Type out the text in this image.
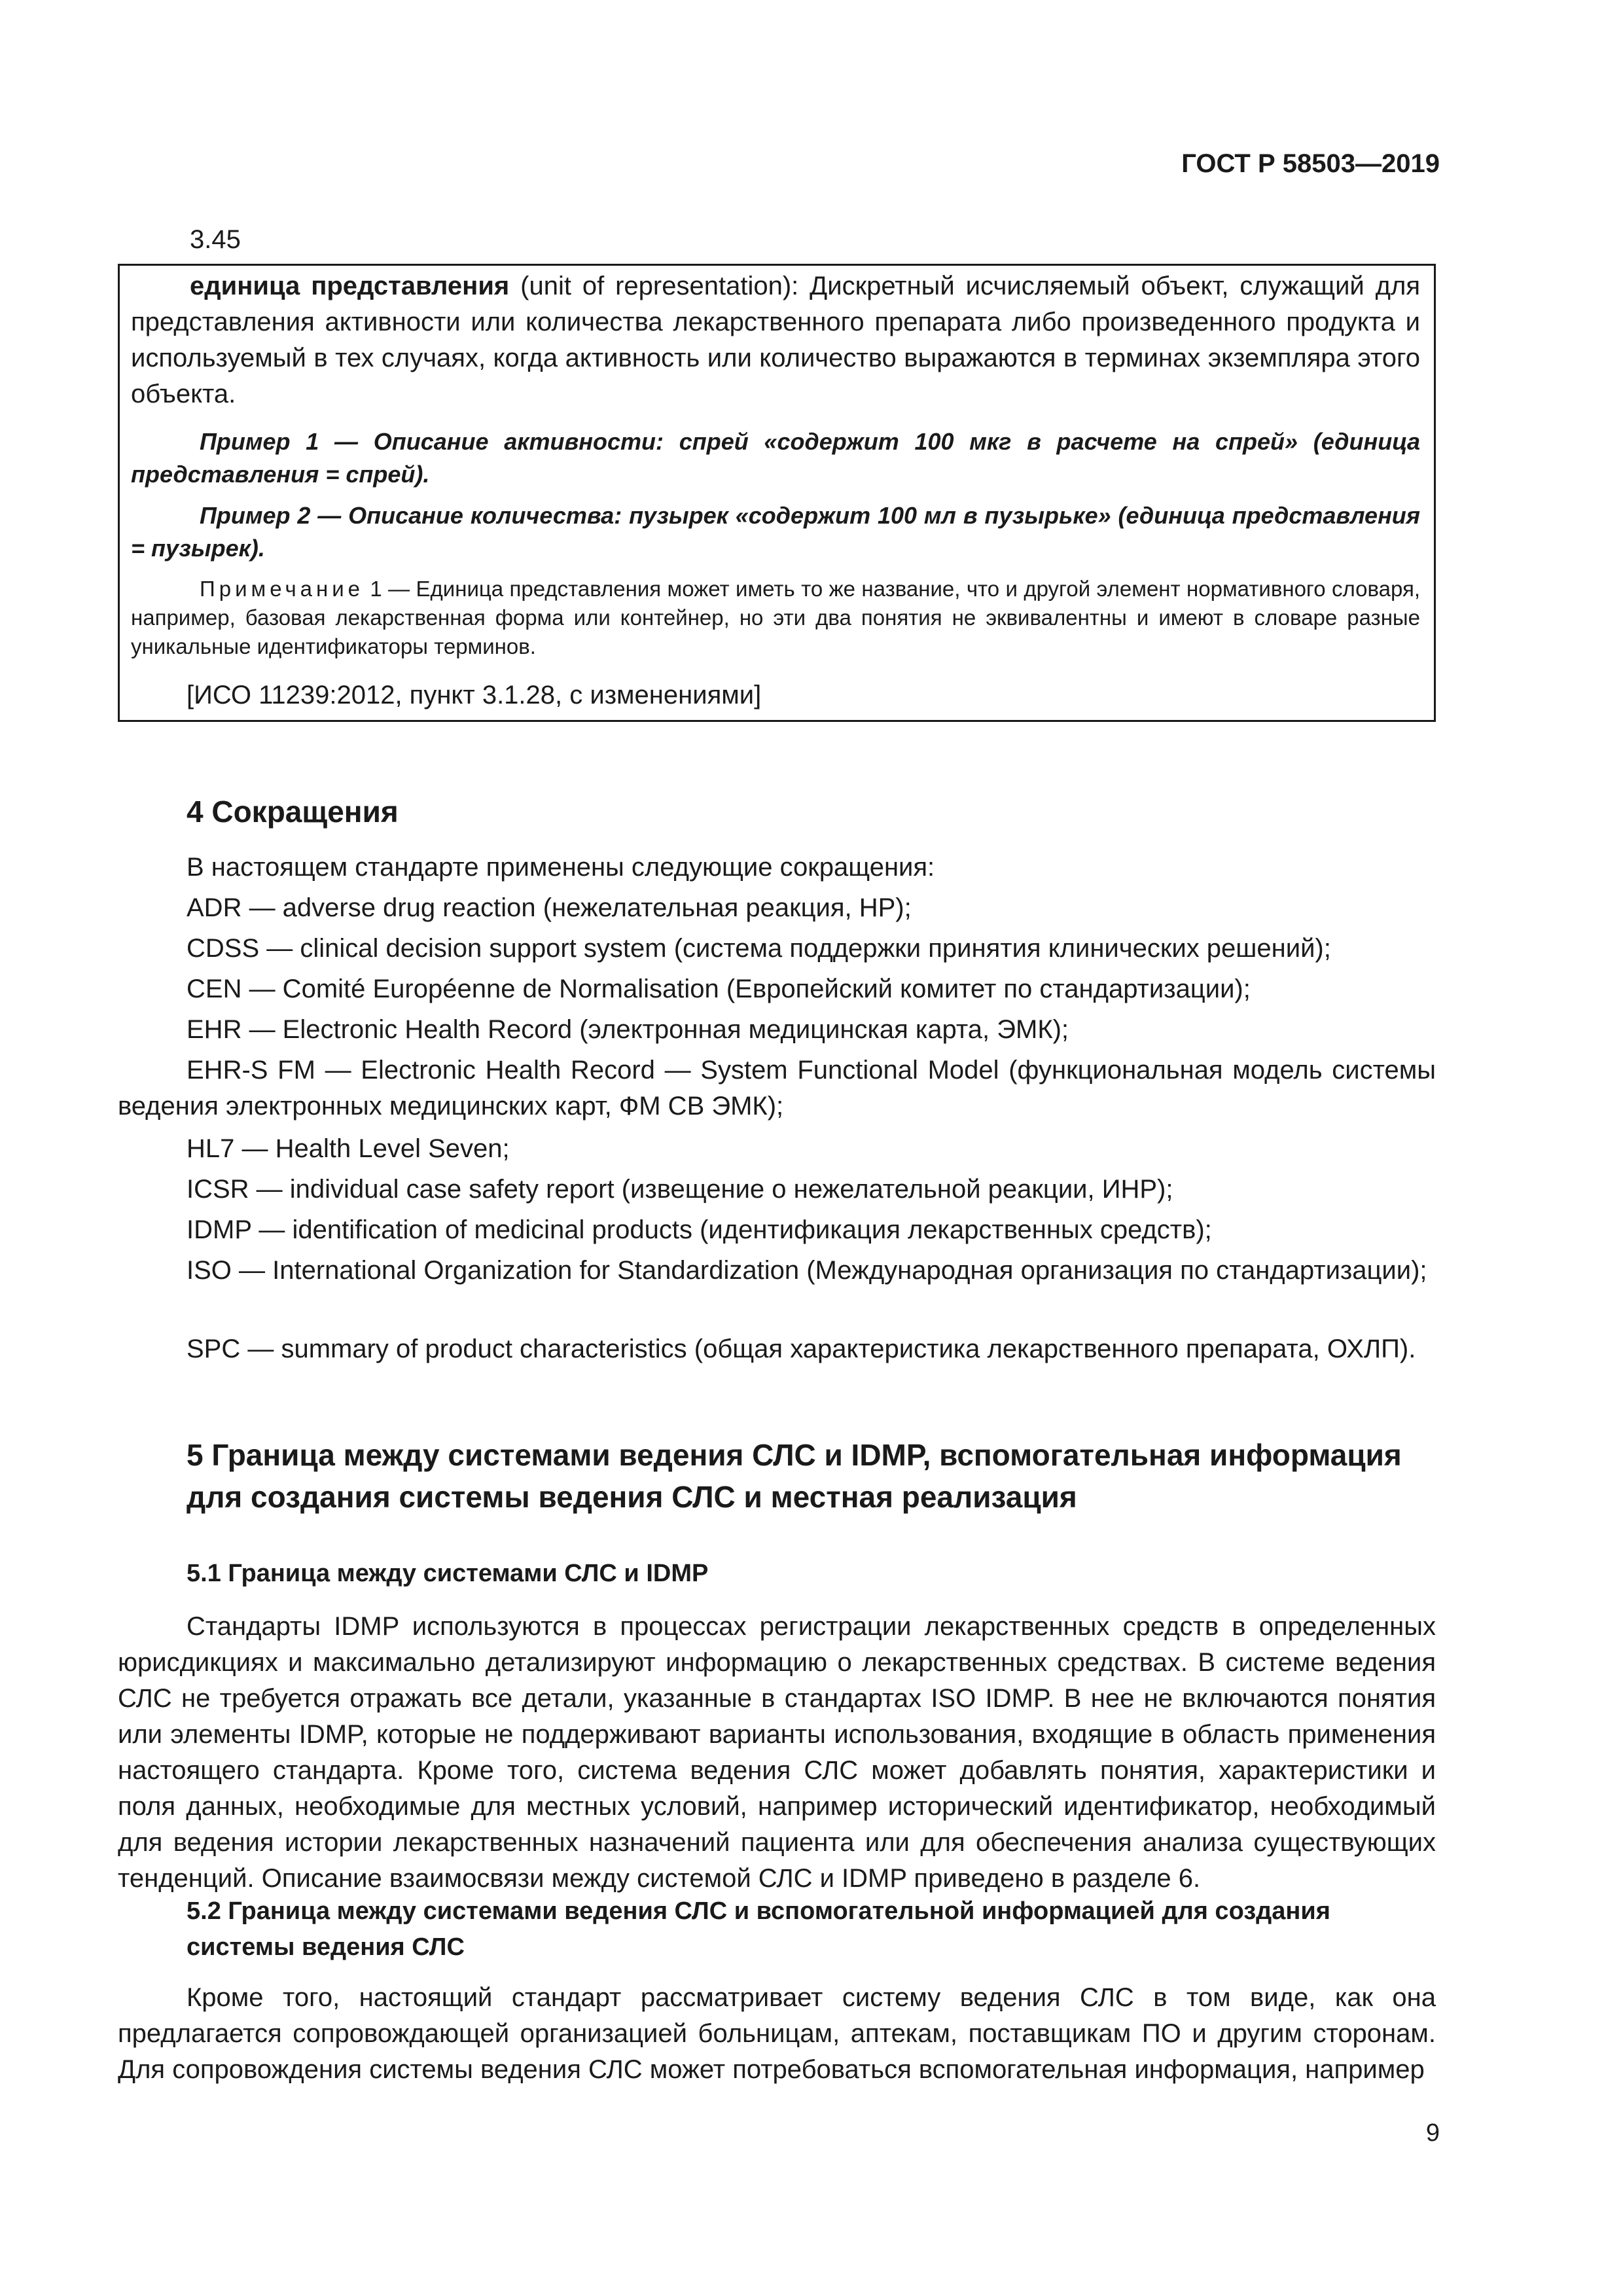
ГОСТ Р 58503—2019
3.45

единица представления (unit of representation): Дискретный исчисляемый объект, служащий для представления активности или количества лекарственного препарата либо произведенного продукта и используемый в тех случаях, когда активность или количество выражаются в терминах экземпляра этого объекта.

Пример 1 — Описание активности: спрей «содержит 100 мкг в расчете на спрей» (единица представления = спрей).

Пример 2 — Описание количества: пузырек «содержит 100 мл в пузырьке» (единица представления = пузырек).

Примечание 1 — Единица представления может иметь то же название, что и другой элемент нормативного словаря, например, базовая лекарственная форма или контейнер, но эти два понятия не эквивалентны и имеют в словаре разные уникальные идентификаторы терминов.

[ИСО 11239:2012, пункт 3.1.28, с изменениями]
4 Сокращения
В настоящем стандарте применены следующие сокращения:
ADR — adverse drug reaction (нежелательная реакция, НР);
CDSS — clinical decision support system (система поддержки принятия клинических решений);
CEN — Comité Européenne de Normalisation (Европейский комитет по стандартизации);
EHR — Electronic Health Record (электронная медицинская карта, ЭМК);
EHR-S FM — Electronic Health Record — System Functional Model (функциональная модель системы ведения электронных медицинских карт, ФМ СВ ЭМК);
HL7 — Health Level Seven;
ICSR — individual case safety report (извещение о нежелательной реакции, ИНР);
IDMP — identification of medicinal products (идентификация лекарственных средств);
ISO — International Organization for Standardization (Международная организация по стандартизации);
SPC — summary of product characteristics (общая характеристика лекарственного препарата, ОХЛП).
5 Граница между системами ведения СЛС и IDMP, вспомогательная информация для создания системы ведения СЛС и местная реализация
5.1 Граница между системами СЛС и IDMP

Стандарты IDMP используются в процессах регистрации лекарственных средств в определенных юрисдикциях и максимально детализируют информацию о лекарственных средствах. В системе ведения СЛС не требуется отражать все детали, указанные в стандартах ISO IDMP. В нее не включаются понятия или элементы IDMP, которые не поддерживают варианты использования, входящие в область применения настоящего стандарта. Кроме того, система ведения СЛС может добавлять понятия, характеристики и поля данных, необходимые для местных условий, например исторический идентификатор, необходимый для ведения истории лекарственных назначений пациента или для обеспечения анализа существующих тенденций. Описание взаимосвязи между системой СЛС и IDMP приведено в разделе 6.

5.2 Граница между системами ведения СЛС и вспомогательной информацией для создания системы ведения СЛС

Кроме того, настоящий стандарт рассматривает систему ведения СЛС в том виде, как она предлагается сопровождающей организацией больницам, аптекам, поставщикам ПО и другим сторонам. Для сопровождения системы ведения СЛС может потребоваться вспомогательная информация, например

9
